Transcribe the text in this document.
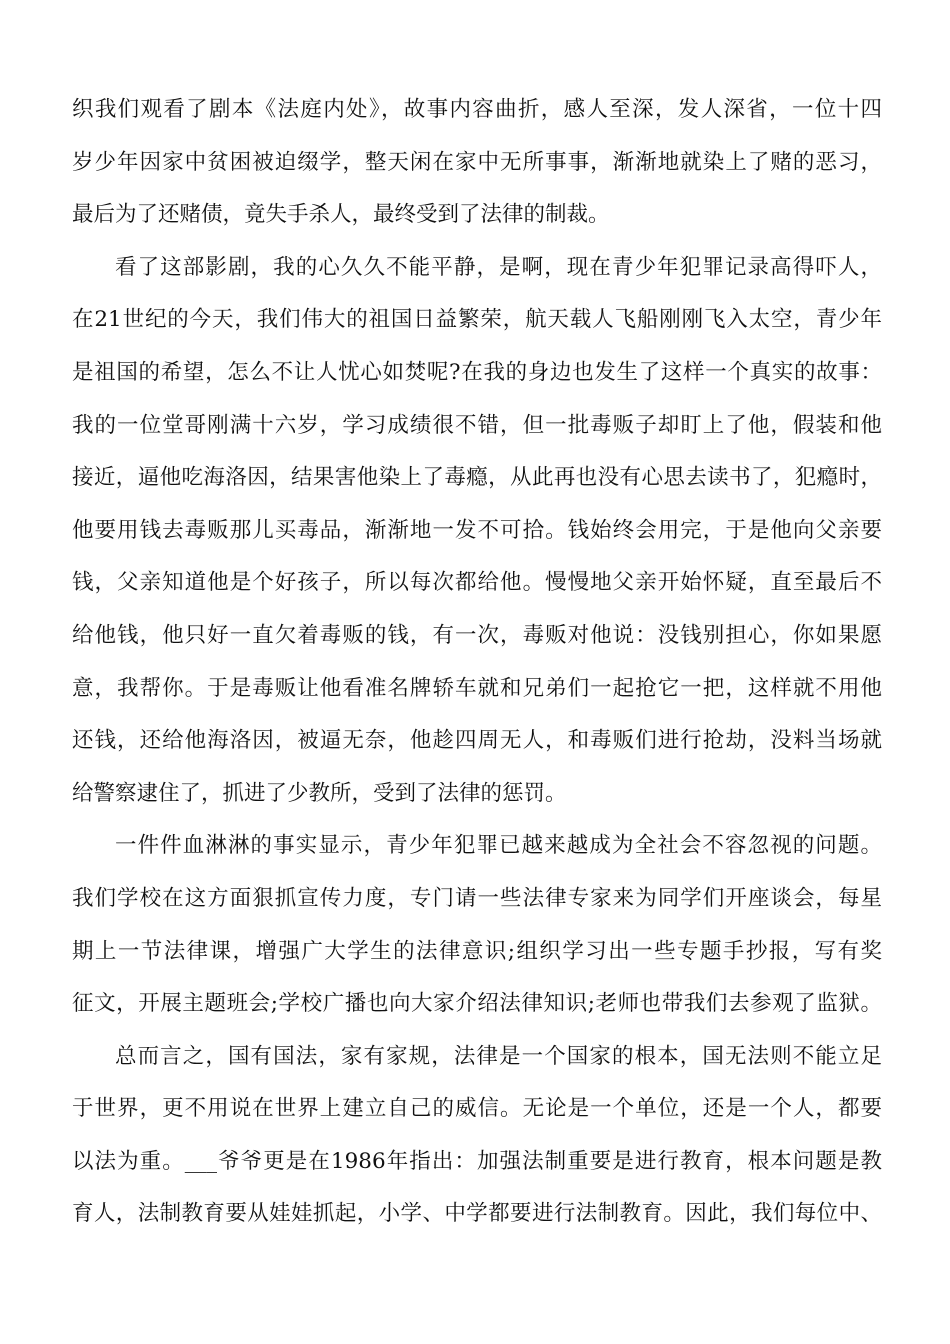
织我们观看了剧本《法庭内处》，故事内容曲折，感人至深，发人深省，一位十四
岁少年因家中贫困被迫缀学，整天闲在家中无所事事，渐渐地就染上了赌的恶习，
最后为了还赌债，竟失手杀人，最终受到了法律的制裁。
看了这部影剧，我的心久久不能平静，是啊，现在青少年犯罪记录高得吓人，
在21世纪的今天，我们伟大的祖国日益繁荣，航天载人飞船刚刚飞入太空，青少年
是祖国的希望，怎么不让人忧心如焚呢?在我的身边也发生了这样一个真实的故事：
我的一位堂哥刚满十六岁，学习成绩很不错，但一批毒贩子却盯上了他，假装和他
接近，逼他吃海洛因，结果害他染上了毒瘾，从此再也没有心思去读书了，犯瘾时，
他要用钱去毒贩那儿买毒品，渐渐地一发不可拾。钱始终会用完，于是他向父亲要
钱，父亲知道他是个好孩子，所以每次都给他。慢慢地父亲开始怀疑，直至最后不
给他钱，他只好一直欠着毒贩的钱，有一次，毒贩对他说：没钱别担心，你如果愿
意，我帮你。于是毒贩让他看准名牌轿车就和兄弟们一起抢它一把，这样就不用他
还钱，还给他海洛因，被逼无奈，他趁四周无人，和毒贩们进行抢劫，没料当场就
给警察逮住了，抓进了少教所，受到了法律的惩罚。
一件件血淋淋的事实显示，青少年犯罪已越来越成为全社会不容忽视的问题。
我们学校在这方面狠抓宣传力度，专门请一些法律专家来为同学们开座谈会，每星
期上一节法律课，增强广大学生的法律意识;组织学习出一些专题手抄报，写有奖
征文，开展主题班会;学校广播也向大家介绍法律知识;老师也带我们去参观了监狱。
总而言之，国有国法，家有家规，法律是一个国家的根本，国无法则不能立足
于世界，更不用说在世界上建立自己的威信。无论是一个单位，还是一个人，都要
以法为重。___爷爷更是在1986年指出：加强法制重要是进行教育，根本问题是教
育人，法制教育要从娃娃抓起，小学、中学都要进行法制教育。因此，我们每位中、
